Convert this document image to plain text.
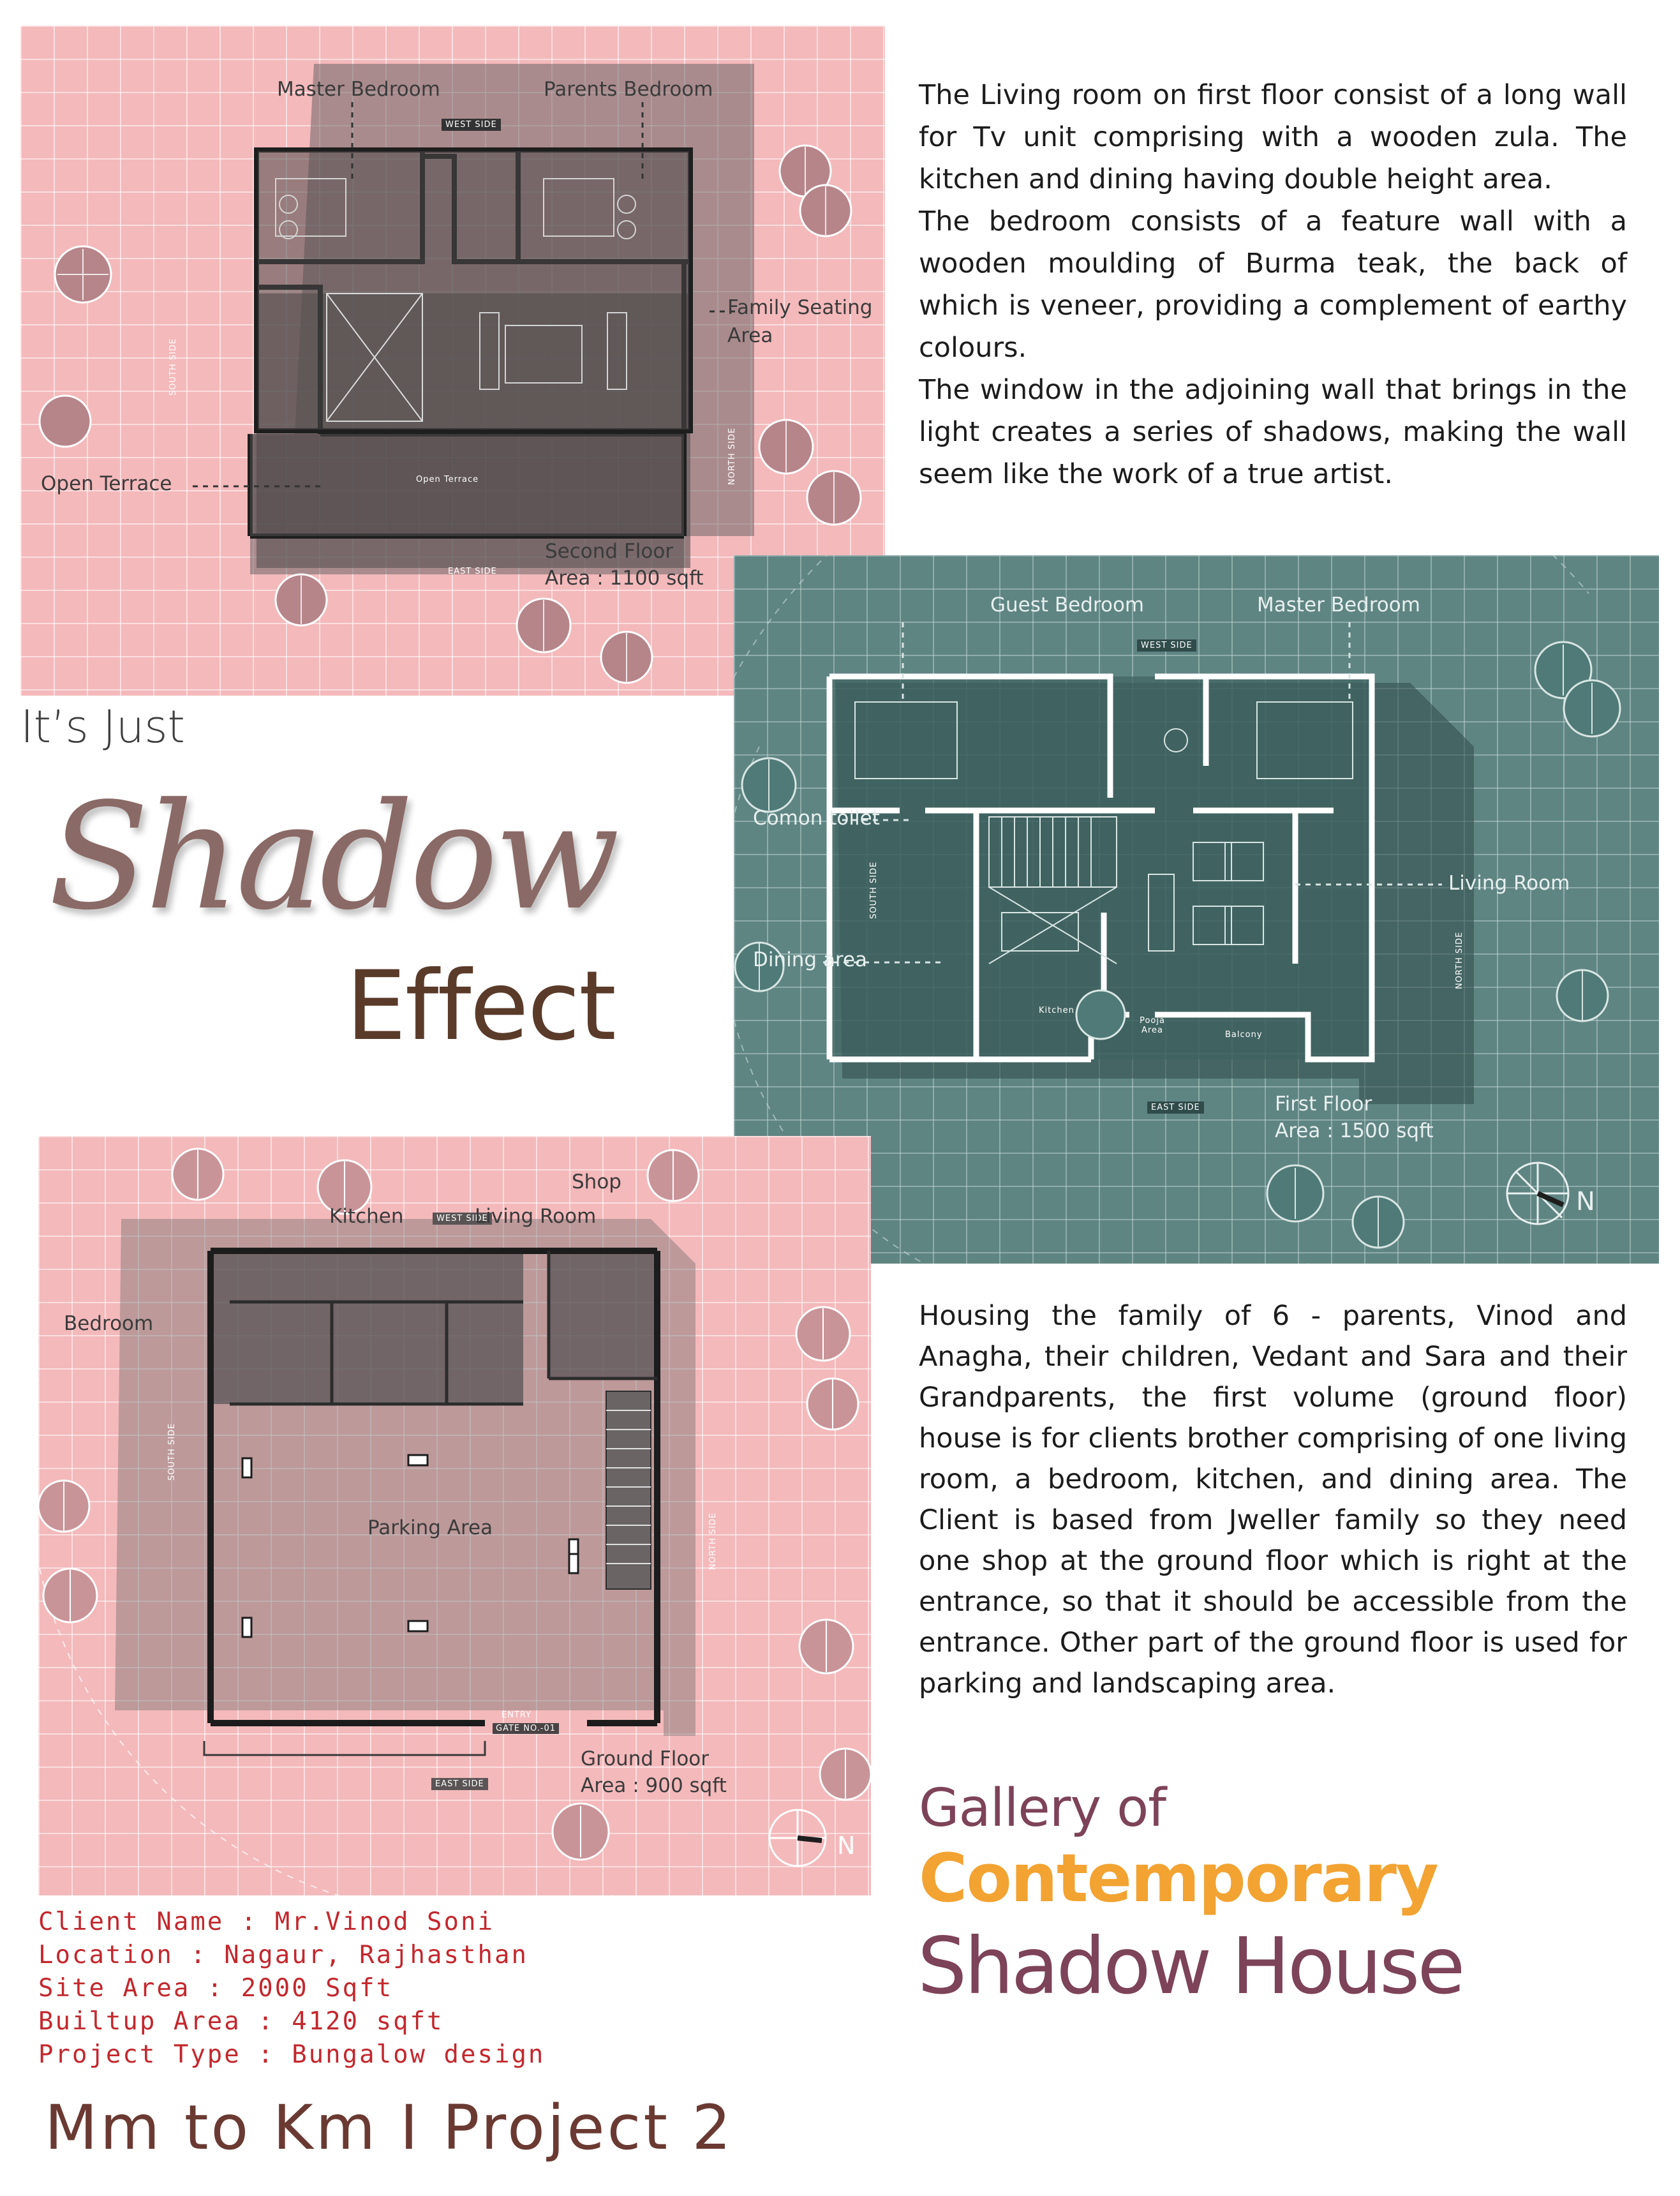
Master Bedroom	Parents Bedroom
WEST SIDE
Family Seating
Area
Open Terrace	Open Terrace
SOUTH SIDE
NORTH SIDE
EAST SIDE
Second Floor
Area : 1100 sqft

The Living room on first floor consist of a long wall for Tv unit comprising with a wooden zula. The kitchen and dining having double height area.

The bedroom consists of a feature wall with a wooden moulding of Burma teak, the back of which is veneer, providing a complement of earthy colours.

The window in the adjoining wall that brings in the light creates a series of shadows, making the wall seem like the work of a true artist.

It’s Just
Shadow
Effect
Guest Bedroom	Master Bedroom
WEST SIDE
Comon toilet
Living Room
Dining area
SOUTH SIDE
NORTH SIDE
Kitchen
Pooja Area	Balcony
EAST SIDE	First Floor
Area : 1500 sqft
N
Shop
Kitchen	WEST SIDE
Living Room
Bedroom
SOUTH SIDE
NORTH SIDE
Parking Area
ENTRY
GATE NO.-01
Ground Floor
Area : 900 sqft
EAST SIDE
N
Housing the family of 6 - parents, Vinod and Anagha, their children, Vedant and Sara and their Grandparents, the first volume (ground floor) house is for clients brother comprising of one living room, a bedroom, kitchen, and dining area. The Client is based from Jweller family so they need one shop at the ground floor which is right at the entrance, so that it should be accessible from the entrance. Other part of the ground floor is used for parking and landscaping area.
Client Name : Mr.Vinod Soni
Location : Nagaur, Rajhasthan
Site Area : 2000 Sqft
Builtup Area : 4120 sqft
Project Type : Bungalow design
Gallery of
Contemporary
Shadow House
Mm to Km I Project 2
